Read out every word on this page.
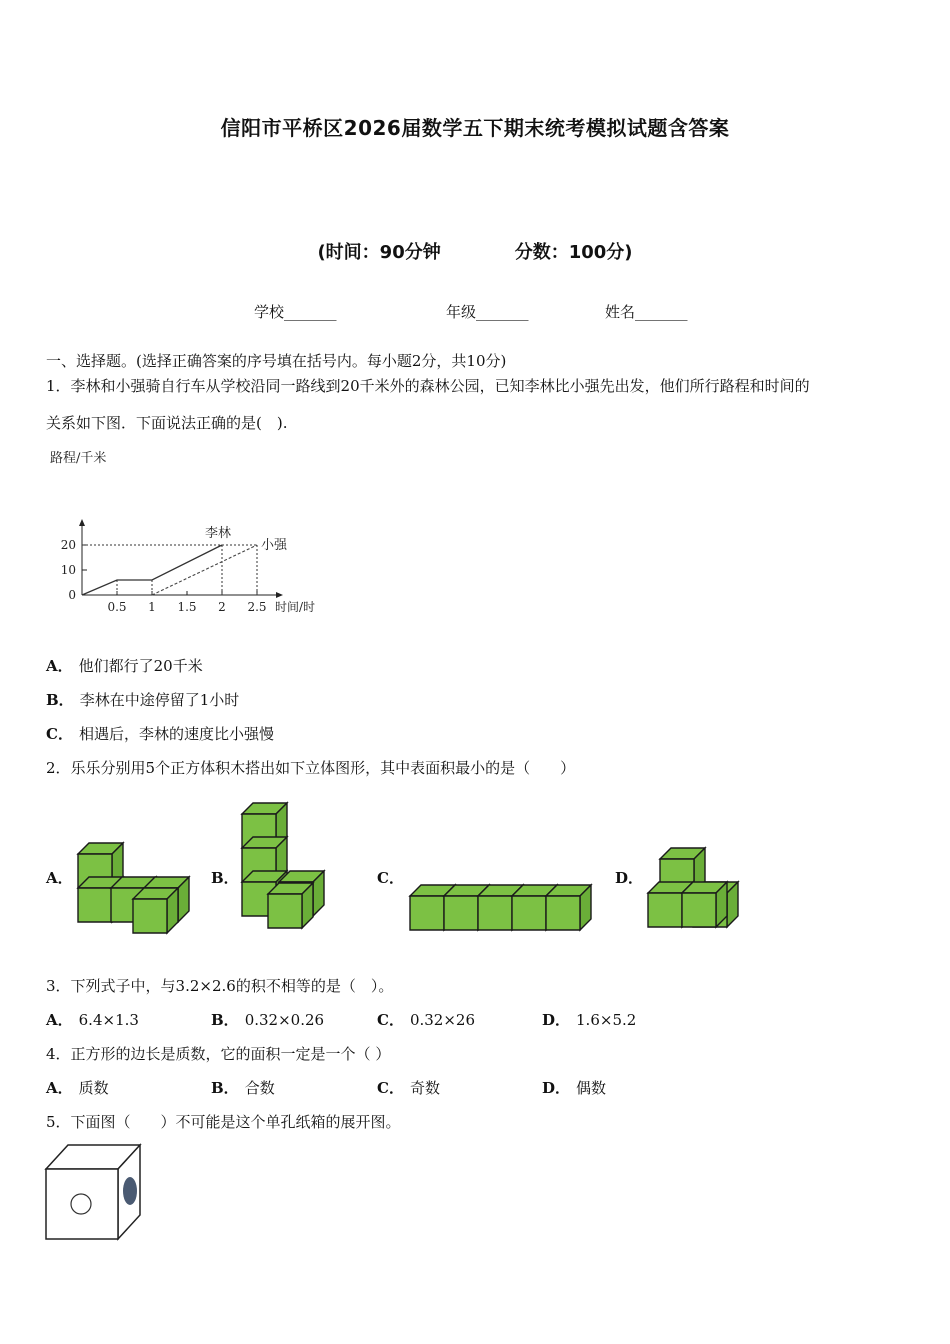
信阳市平桥区2026届数学五下期末统考模拟试题含答案
(时间：90分钟	分数：100分)
学校_______	年级_______	姓名_______
一、选择题。(选择正确答案的序号填在括号内。每小题2分，共10分)
1．李林和小强骑自行车从学校沿同一路线到20千米外的森林公园，已知李林比小强先出发，他们所行路程和时间的
关系如下图．下面说法正确的是(　).
路程/千米
时间/时
0.5 1 1.5 2 2.5
0
10
20
李林
小强
A． 他们都行了20千米
B． 李林在中途停留了1小时
C． 相遇后，李林的速度比小强慢
2．乐乐分别用5个正方体积木搭出如下立体图形，其中表面积最小的是（　　）
A．	B．	C．	D．
3．下列式子中，与3.2×2.6的积不相等的是（　）。
A． 6.4×1.3	B． 0.32×0.26	C． 0.32×26	D． 1.6×5.2
4．正方形的边长是质数，它的面积一定是一个（ ）
A． 质数	B． 合数	C． 奇数	D． 偶数
5．下面图（　　）不可能是这个单孔纸箱的展开图。
